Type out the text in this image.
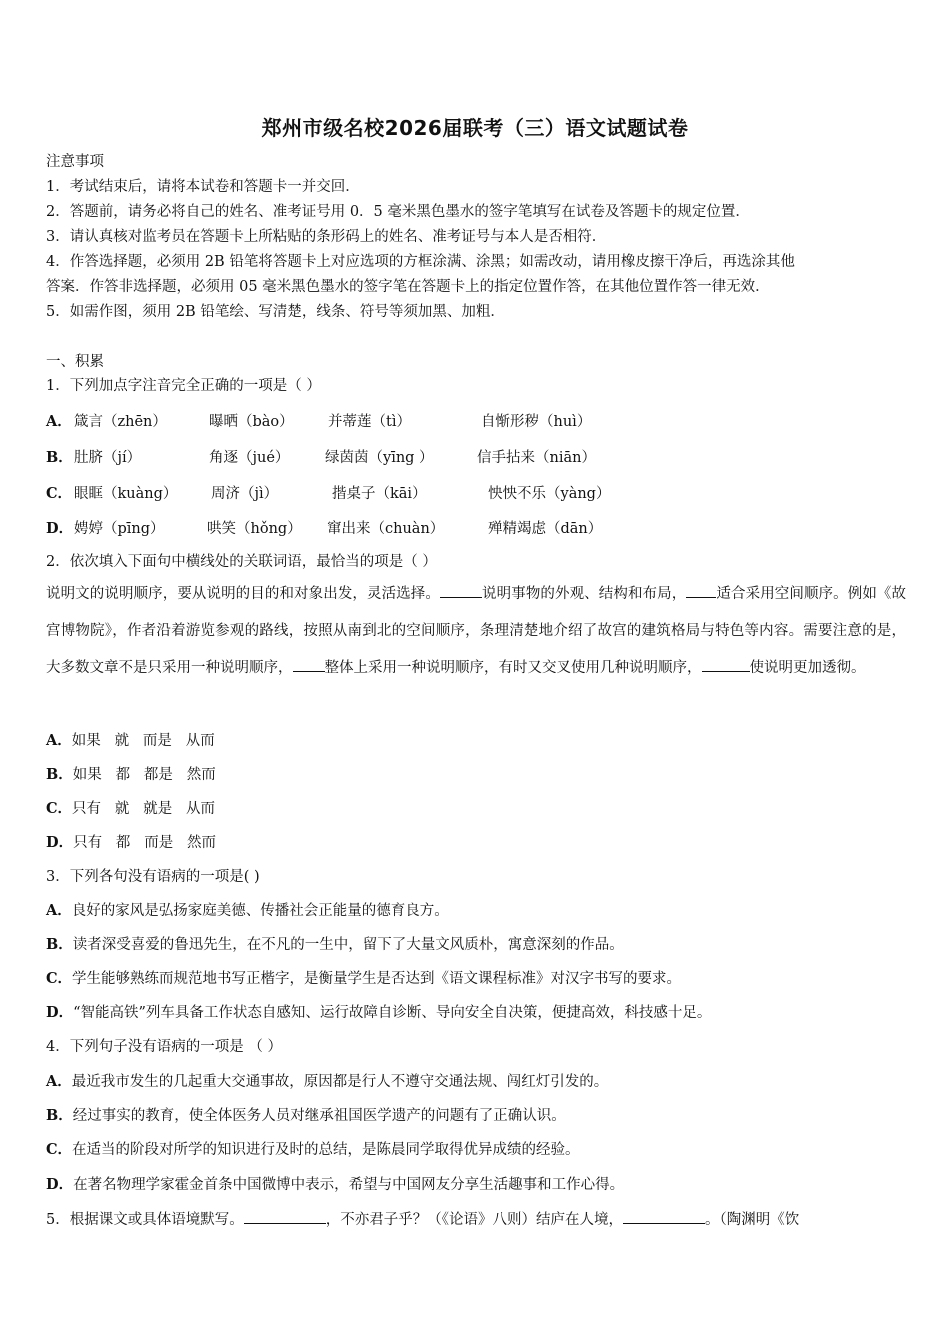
郑州市级名校2026届联考（三）语文试题试卷
注意事项
1．考试结束后，请将本试卷和答题卡一并交回．
2．答题前，请务必将自己的姓名、准考证号用 0．5 毫米黑色墨水的签字笔填写在试卷及答题卡的规定位置．
3．请认真核对监考员在答题卡上所粘贴的条形码上的姓名、准考证号与本人是否相符．
4．作答选择题，必须用 2B 铅笔将答题卡上对应选项的方框涂满、涂黑；如需改动，请用橡皮擦干净后，再选涂其他
答案．作答非选择题，必须用 05 毫米黑色墨水的签字笔在答题卡上的指定位置作答，在其他位置作答一律无效．
5．如需作图，须用 2B 铅笔绘、写清楚，线条、符号等须加黑、加粗．
一、积累
1．下列加点字注音完全正确的一项是（ ）
A． 箴言（zhēn）	曝晒（bào） 并蒂莲（tì）	自惭形秽（huì）
B． 肚脐（jí）	角逐（jué） 绿茵茵（yīng ）	信手拈来（niān）
C． 眼眶（kuàng） 周济（jì）	揩桌子（kāi）	怏怏不乐（yàng）
D． 娉婷（pīng）	哄笑（hǒng） 窜出来（chuàn）	殚精竭虑（dān）
2．依次填入下面句中横线处的关联词语，最恰当的项是（ ）
说明文的说明顺序，要从说明的目的和对象出发，灵活选择。	说明事物的外观、结构和布局， 适合采用空间顺序。例如《故宫博物院》，作者沿着游览参观的路线，按照从南到北的空间顺序，条理清楚地介绍了故宫的建筑格局与特色等内容。需要注意的是，大多数文章不是只采用一种说明顺序， 整体上采用一种说明顺序，有时又交叉使用几种说明顺序，	使说明更加透彻。
A．如果   就   而是   从而
B．如果   都   都是   然而
C．只有   就   就是   从而
D．只有   都   而是   然而
3．下列各句没有语病的一项是( )
A．良好的家风是弘扬家庭美德、传播社会正能量的德育良方。
B．读者深受喜爱的鲁迅先生，在不凡的一生中，留下了大量文风质朴，寓意深刻的作品。
C．学生能够熟练而规范地书写正楷字，是衡量学生是否达到《语文课程标准》对汉字书写的要求。
D．“智能高铁”列车具备工作状态自感知、运行故障自诊断、导向安全自决策，便捷高效，科技感十足。
4．下列句子没有语病的一项是 （ ）
A．最近我市发生的几起重大交通事故，原因都是行人不遵守交通法规、闯红灯引发的。
B．经过事实的教育，使全体医务人员对继承祖国医学遗产的问题有了正确认识。
C．在适当的阶段对所学的知识进行及时的总结，是陈晨同学取得优异成绩的经验。
D．在著名物理学家霍金首条中国微博中表示，希望与中国网友分享生活趣事和工作心得。
5．根据课文或具体语境默写。	，不亦君子乎？（《论语》八则）结庐在人境，	。（陶渊明《饮
